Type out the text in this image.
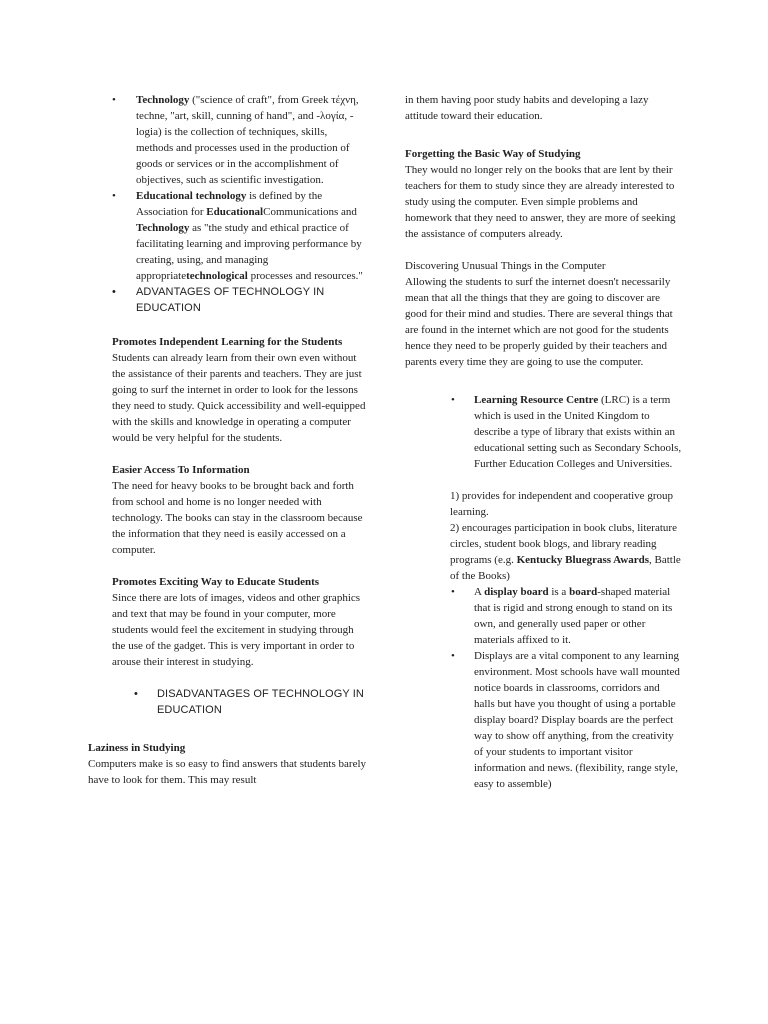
• Technology ("science of craft", from Greek τέχνη, techne, "art, skill, cunning of hand", and -λογία, -logia) is the collection of techniques, skills, methods and processes used in the production of goods or services or in the accomplishment of objectives, such as scientific investigation.

• Educational technology is defined by the Association for EducationalCommunications and Technology as "the study and ethical practice of facilitating learning and improving performance by creating, using, and managing appropriatetechnological processes and resources."

• ADVANTAGES OF TECHNOLOGY IN EDUCATION

Promotes Independent Learning for the Students

Students can already learn from their own even without the assistance of their parents and teachers. They are just going to surf the internet in order to look for the lessons they need to study. Quick accessibility and well-equipped with the skills and knowledge in operating a computer would be very helpful for the students.

Easier Access To Information

The need for heavy books to be brought back and forth from school and home is no longer needed with technology. The books can stay in the classroom because the information that they need is easily accessed on a computer.

Promotes Exciting Way to Educate Students

Since there are lots of images, videos and other graphics and text that may be found in your computer, more students would feel the excitement in studying through the use of the gadget. This is very important in order to arouse their interest in studying.

• DISADVANTAGES OF TECHNOLOGY IN EDUCATION

Laziness in Studying

Computers make is so easy to find answers that students barely have to look for them. This may result

in them having poor study habits and developing a lazy attitude toward their education.

Forgetting the Basic Way of Studying

They would no longer rely on the books that are lent by their teachers for them to study since they are already interested to study using the computer. Even simple problems and homework that they need to answer, they are more of seeking the assistance of computers already.

Discovering Unusual Things in the Computer

Allowing the students to surf the internet doesn't necessarily mean that all the things that they are going to discover are good for their mind and studies. There are several things that are found in the internet which are not good for the students hence they need to be properly guided by their teachers and parents every time they are going to use the computer.

• Learning Resource Centre (LRC) is a term which is used in the United Kingdom to describe a type of library that exists within an educational setting such as Secondary Schools, Further Education Colleges and Universities.

1) provides for independent and cooperative group learning.

2) encourages participation in book clubs, literature circles, student book blogs, and library reading programs (e.g. Kentucky Bluegrass Awards, Battle of the Books)

• A display board is a board-shaped material that is rigid and strong enough to stand on its own, and generally used paper or other materials affixed to it.

• Displays are a vital component to any learning environment. Most schools have wall mounted notice boards in classrooms, corridors and halls but have you thought of using a portable display board? Display boards are the perfect way to show off anything, from the creativity of your students to important visitor information and news. (flexibility, range style, easy to assemble)
